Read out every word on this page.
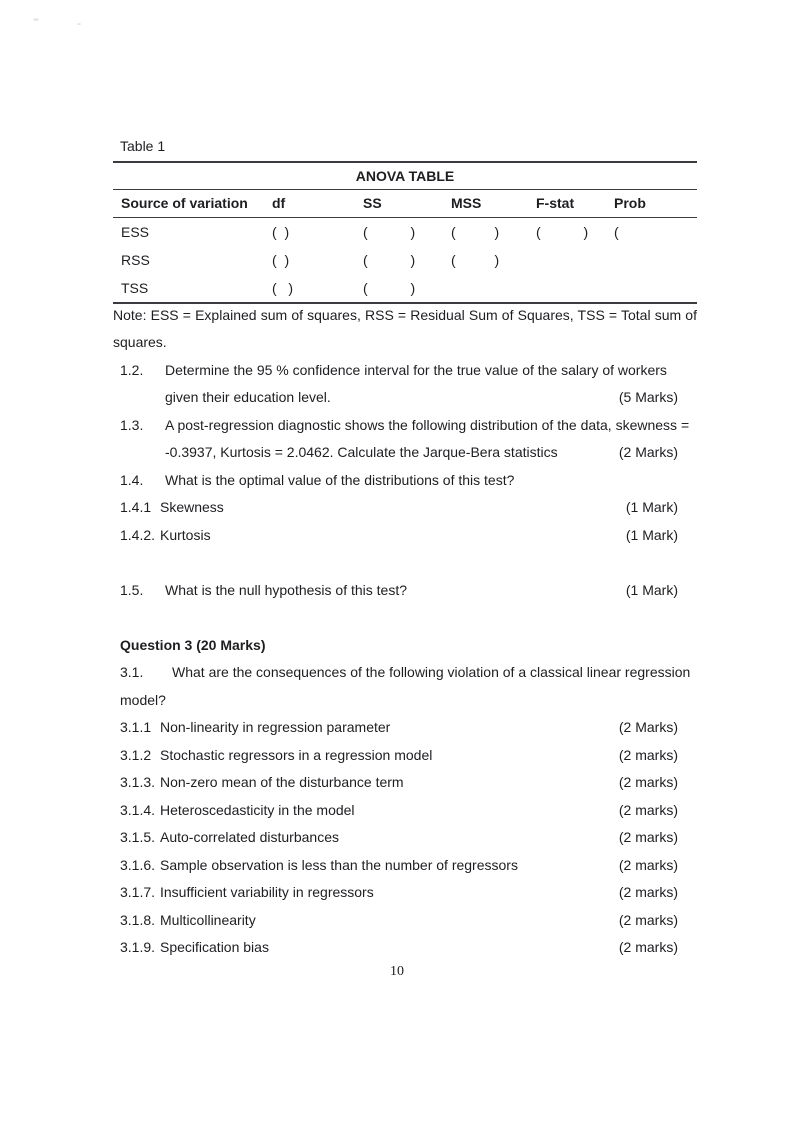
Table 1
ANOVA TABLE
Source of variation	df	SS	MSS	F-stat	Prob
ESS	(  )	(           )	(          )	(           )	(
RSS	(  )	(           )	(          )
TSS	(   )	(           )
Note: ESS = Explained sum of squares, RSS = Residual Sum of Squares, TSS = Total sum of
squares.
1.2.	Determine the 95 % confidence interval for the true value of the salary of workers
given their education level.	(5 Marks)
1.3.	A post-regression diagnostic shows the following distribution of the data, skewness =
-0.3937, Kurtosis = 2.0462. Calculate the Jarque-Bera statistics	(2 Marks)
1.4.	What is the optimal value of the distributions of this test?
1.4.1 Skewness	(1 Mark)
1.4.2. Kurtosis	(1 Mark)
1.5.	What is the null hypothesis of this test?	(1 Mark)
Question 3 (20 Marks)
3.1.	What are the consequences of the following violation of a classical linear regression
model?
3.1.1 Non-linearity in regression parameter	(2 Marks)
3.1.2 Stochastic regressors in a regression model	(2 marks)
3.1.3. Non-zero mean of the disturbance term	(2 marks)
3.1.4. Heteroscedasticity in the model	(2 marks)
3.1.5. Auto-correlated disturbances	(2 marks)
3.1.6. Sample observation is less than the number of regressors	(2 marks)
3.1.7. Insufficient variability in regressors	(2 marks)
3.1.8. Multicollinearity	(2 marks)
3.1.9. Specification bias	(2 marks)
10
